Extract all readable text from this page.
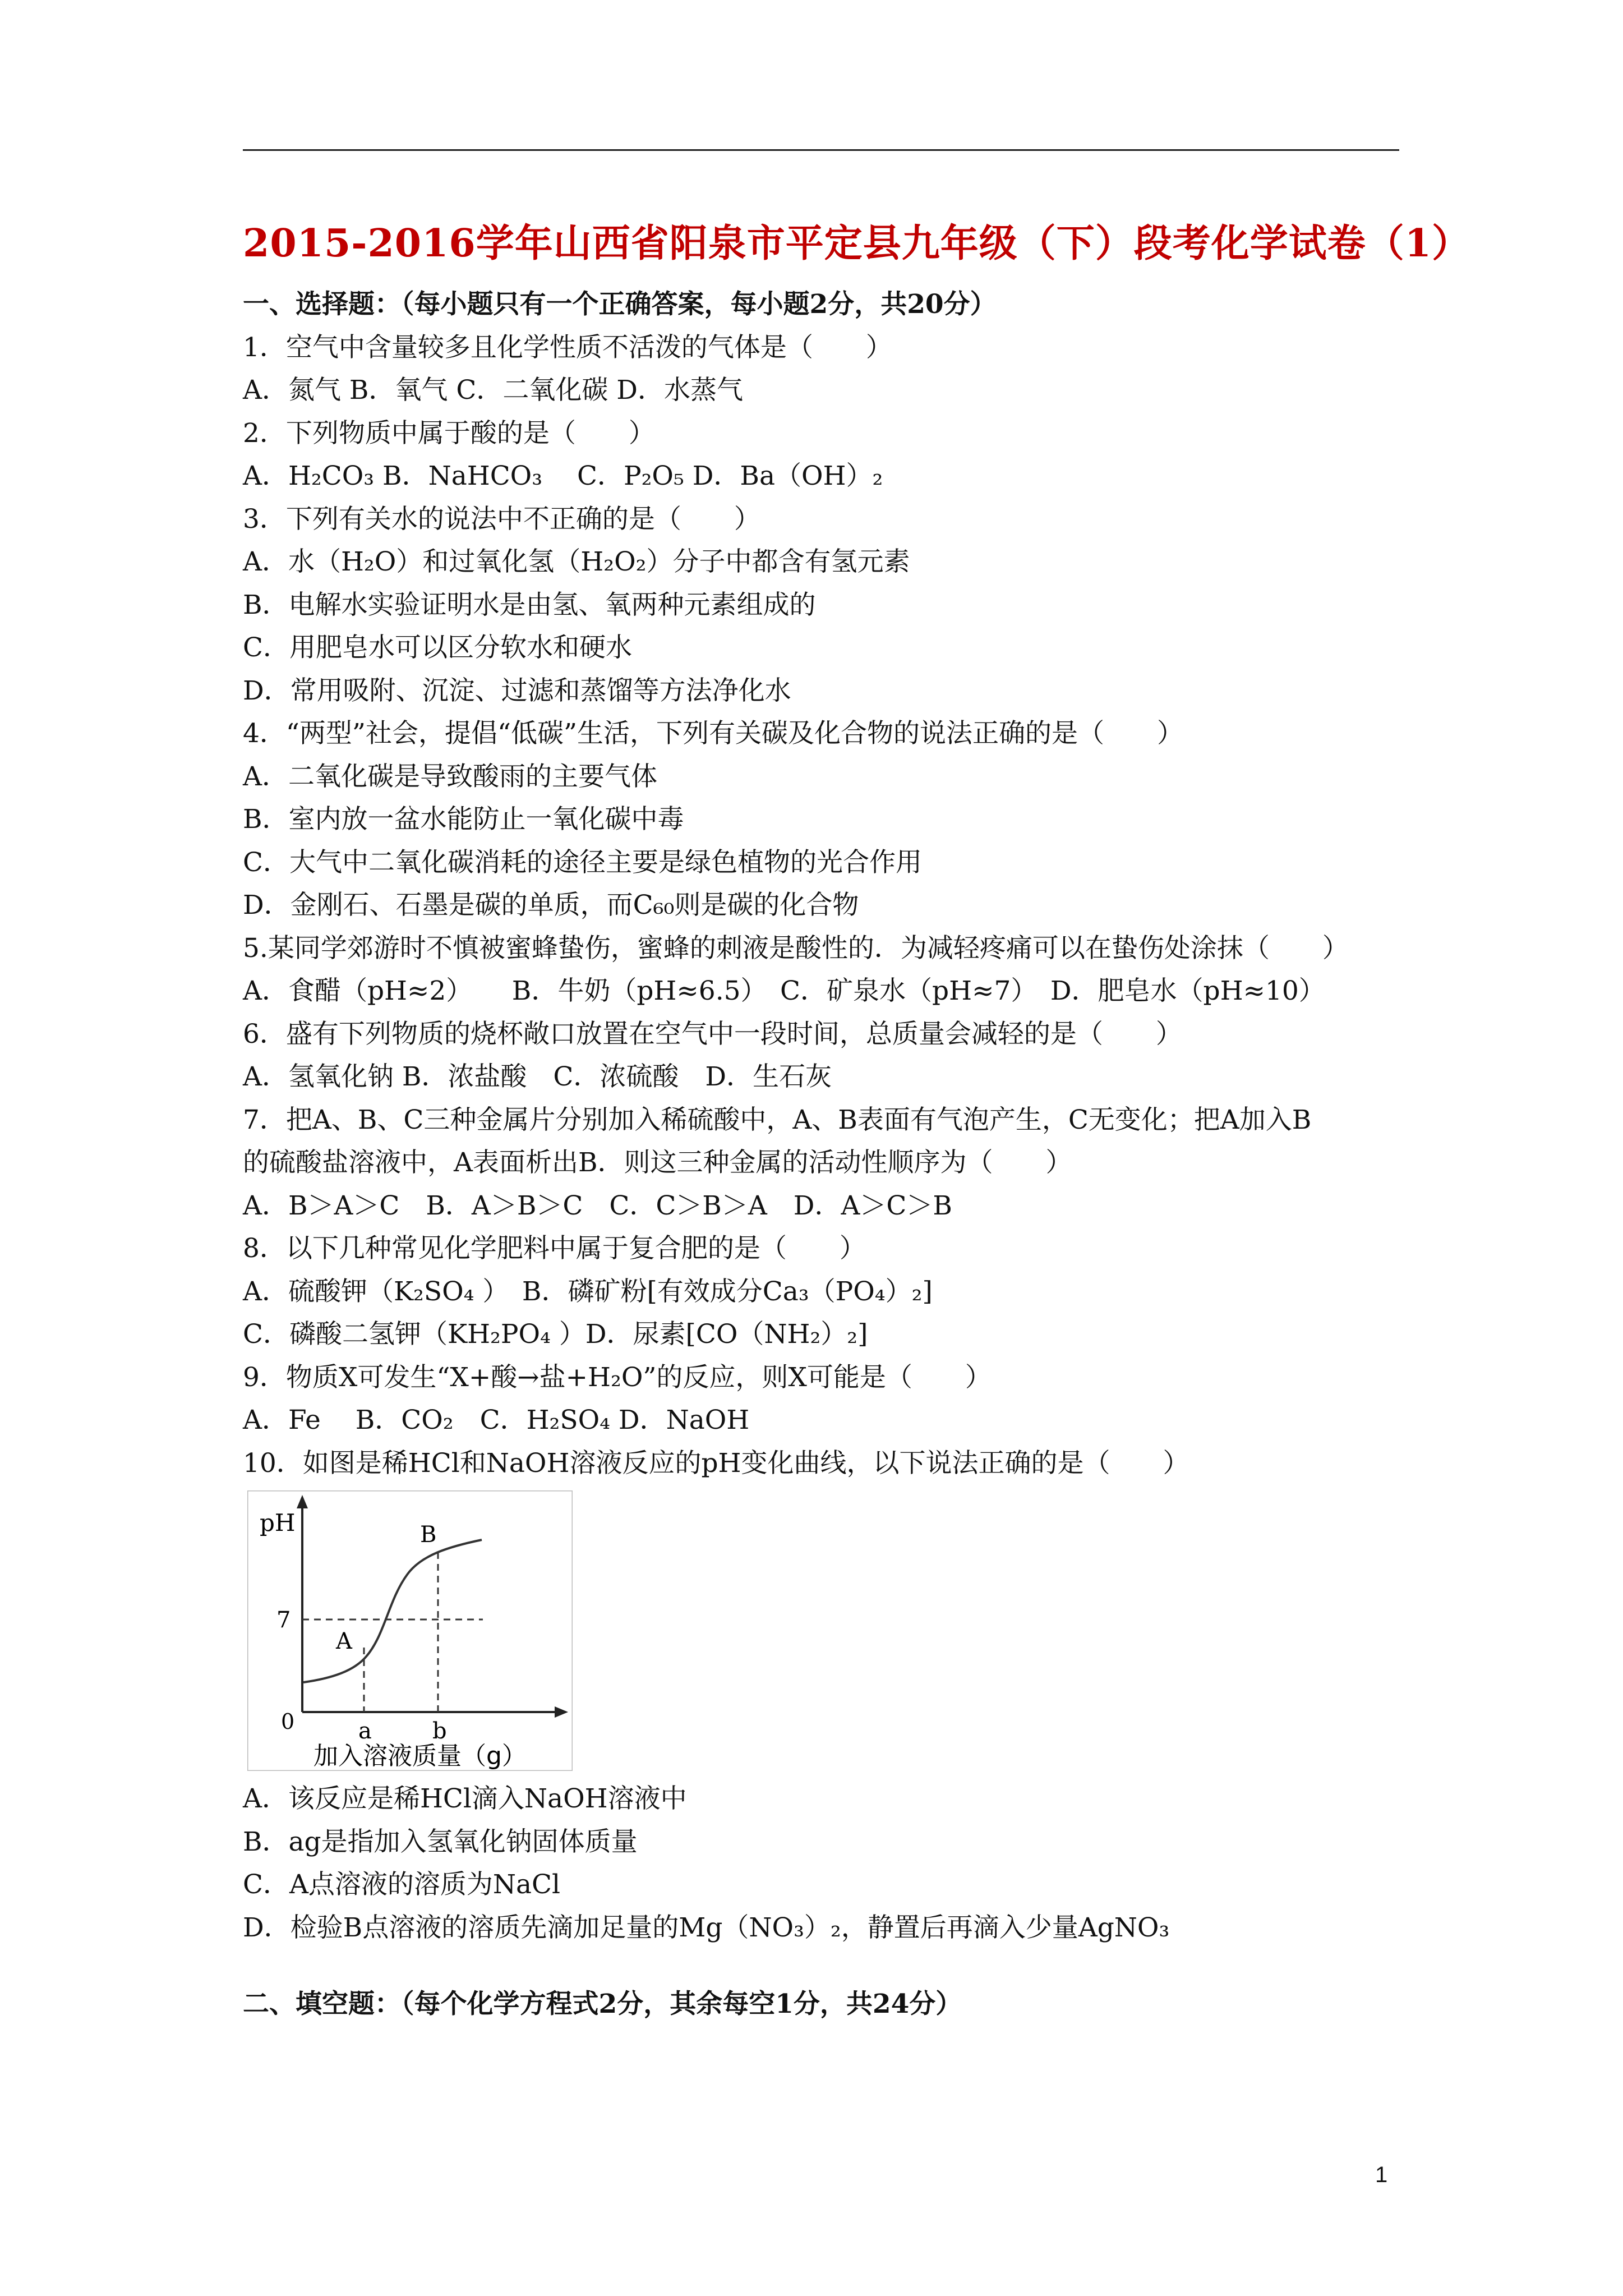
2015-2016学年山西省阳泉市平定县九年级（下）段考化学试卷（1）
一、选择题：（每小题只有一个正确答案，每小题2分，共20分）
1．空气中含量较多且化学性质不活泼的气体是（　　）
A．氮气 B．氧气 C．二氧化碳 D．水蒸气
2．下列物质中属于酸的是（　　）
A．H₂CO₃ B．NaHCO₃　 C．P₂O₅ D．Ba（OH）₂
3．下列有关水的说法中不正确的是（　　）
A．水（H₂O）和过氧化氢（H₂O₂）分子中都含有氢元素
B．电解水实验证明水是由氢、氧两种元素组成的
C．用肥皂水可以区分软水和硬水
D．常用吸附、沉淀、过滤和蒸馏等方法净化水
4．“两型”社会，提倡“低碳”生活，下列有关碳及化合物的说法正确的是（　　）
A．二氧化碳是导致酸雨的主要气体
B．室内放一盆水能防止一氧化碳中毒
C．大气中二氧化碳消耗的途径主要是绿色植物的光合作用
D．金刚石、石墨是碳的单质，而C₆₀则是碳的化合物
5.某同学郊游时不慎被蜜蜂蛰伤，蜜蜂的刺液是酸性的．为减轻疼痛可以在蛰伤处涂抹（　　）
A．食醋（pH≈2）　　B．牛奶（pH≈6.5）　C．矿泉水（pH≈7）　D．肥皂水（pH≈10）
6．盛有下列物质的烧杯敞口放置在空气中一段时间，总质量会减轻的是（　　）
A．氢氧化钠 B．浓盐酸　C．浓硫酸　D．生石灰
7．把A、B、C三种金属片分别加入稀硫酸中，A、B表面有气泡产生，C无变化；把A加入B
的硫酸盐溶液中，A表面析出B．则这三种金属的活动性顺序为（　　）
A．B＞A＞C　B．A＞B＞C　C．C＞B＞A　D．A＞C＞B
8．以下几种常见化学肥料中属于复合肥的是（　　）
A．硫酸钾（K₂SO₄ ）　B．磷矿粉[有效成分Ca₃（PO₄）₂]
C．磷酸二氢钾（KH₂PO₄ ）D．尿素[CO（NH₂）₂]
9．物质X可发生“X+酸→盐+H₂O”的反应，则X可能是（　　）
A．Fe　 B．CO₂　C．H₂SO₄ D．NaOH
10．如图是稀HCl和NaOH溶液反应的pH变化曲线，以下说法正确的是（　　）
pH
7
0	a	b
A
B
加入溶液质量（g）
A．该反应是稀HCl滴入NaOH溶液中
B．ag是指加入氢氧化钠固体质量
C．A点溶液的溶质为NaCl
D．检验B点溶液的溶质先滴加足量的Mg（NO₃）₂，静置后再滴入少量AgNO₃
二、填空题：（每个化学方程式2分，其余每空1分，共24分）
1
